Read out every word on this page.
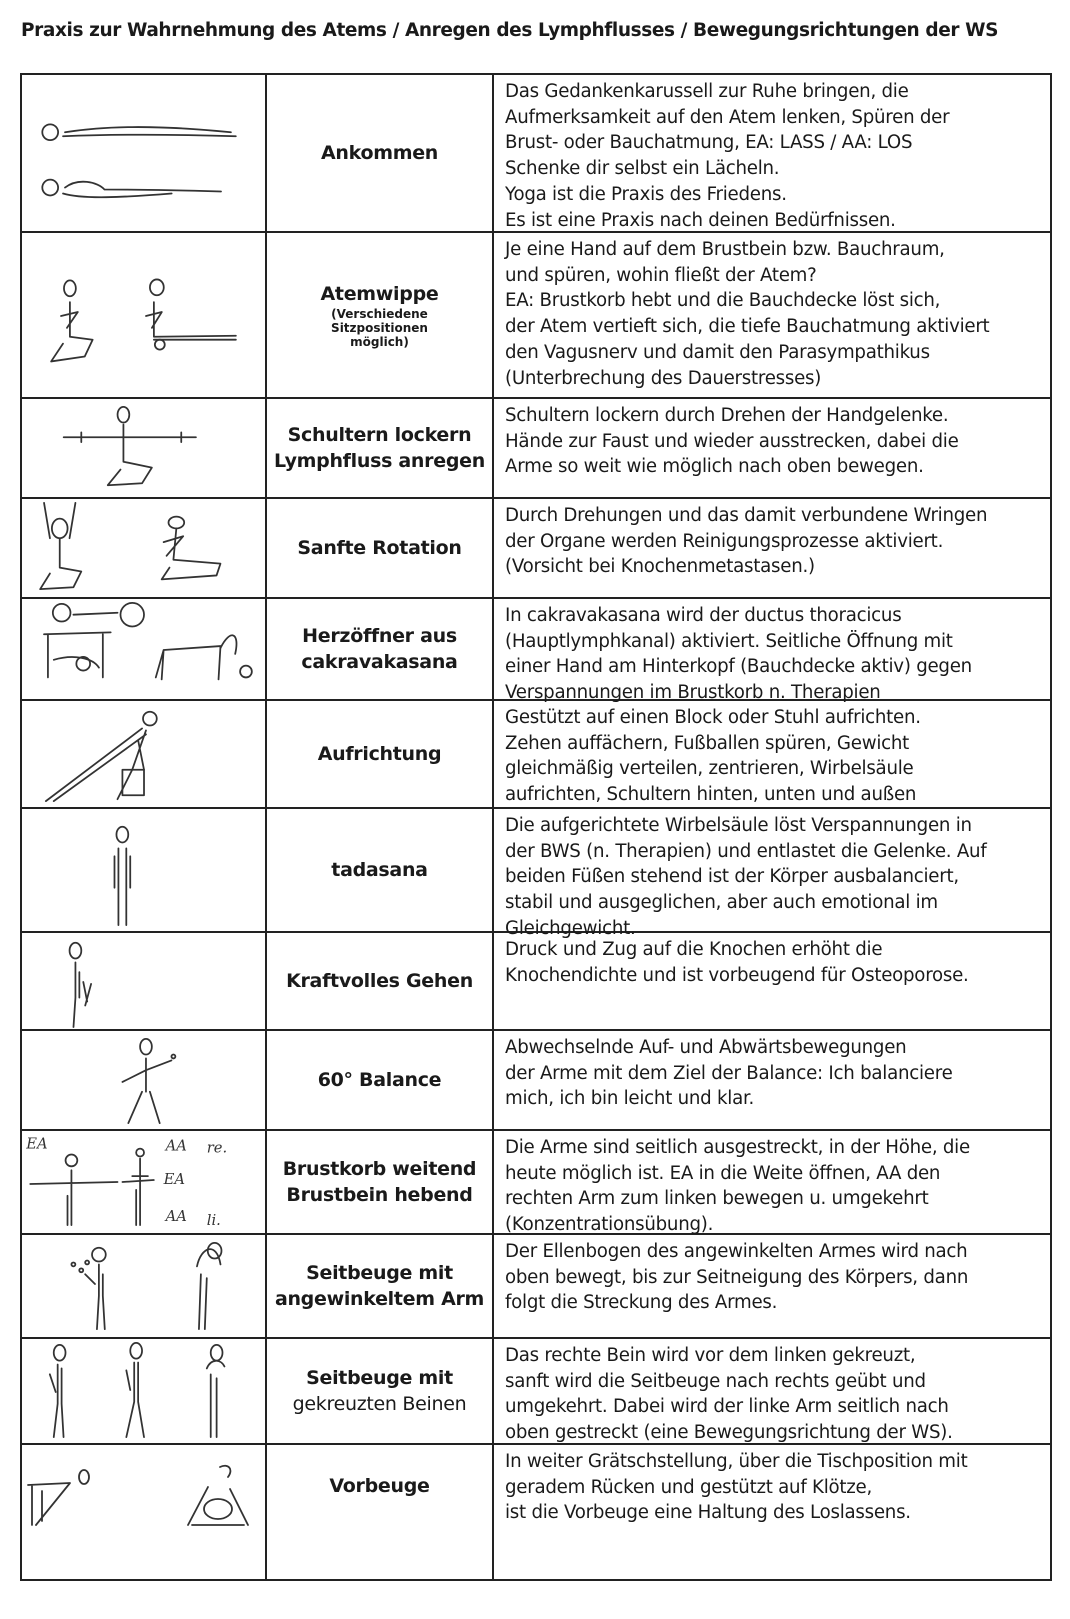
Praxis zur Wahrnehmung des Atems / Anregen des Lymphflusses / Bewegungsrichtungen der WS
Ankommen
Das Gedankenkarussell zur Ruhe bringen, die
Aufmerksamkeit auf den Atem lenken, Spüren der
Brust- oder Bauchatmung, EA: LASS / AA: LOS
Schenke dir selbst ein Lächeln.
Yoga ist die Praxis des Friedens.
Es ist eine Praxis nach deinen Bedürfnissen.
Atemwippe
(Verschiedene
Sitzpositionen
möglich)
Je eine Hand auf dem Brustbein bzw. Bauchraum,
und spüren, wohin fließt der Atem?
EA: Brustkorb hebt und die Bauchdecke löst sich,
der Atem vertieft sich, die tiefe Bauchatmung aktiviert
den Vagusnerv und damit den Parasympathikus
(Unterbrechung des Dauerstresses)
Schultern lockern
Lymphfluss anregen
Schultern lockern durch Drehen der Handgelenke.
Hände zur Faust und wieder ausstrecken, dabei die
Arme so weit wie möglich nach oben bewegen.
Sanfte Rotation
Durch Drehungen und das damit verbundene Wringen
der Organe werden Reinigungsprozesse aktiviert.
(Vorsicht bei Knochenmetastasen.)
Herzöffner aus
cakravakasana
In cakravakasana wird der ductus thoracicus
(Hauptlymphkanal) aktiviert. Seitliche Öffnung mit
einer Hand am Hinterkopf (Bauchdecke aktiv) gegen
Verspannungen im Brustkorb n. Therapien
Aufrichtung
Gestützt auf einen Block oder Stuhl aufrichten.
Zehen auffächern, Fußballen spüren, Gewicht
gleichmäßig verteilen, zentrieren, Wirbelsäule
aufrichten, Schultern hinten, unten und außen
tadasana
Die aufgerichtete Wirbelsäule löst Verspannungen in
der BWS (n. Therapien) und entlastet die Gelenke. Auf
beiden Füßen stehend ist der Körper ausbalanciert,
stabil und ausgeglichen, aber auch emotional im
Gleichgewicht.
Kraftvolles Gehen
Druck und Zug auf die Knochen erhöht die
Knochendichte und ist vorbeugend für Osteoporose.
60° Balance
Abwechselnde Auf- und Abwärtsbewegungen
der Arme mit dem Ziel der Balance: Ich balanciere
mich, ich bin leicht und klar.
EA	AA re.
EA
AA li.
Brustkorb weitend
Brustbein hebend
Die Arme sind seitlich ausgestreckt, in der Höhe, die
heute möglich ist. EA in die Weite öffnen, AA den
rechten Arm zum linken bewegen u. umgekehrt
(Konzentrationsübung).
Seitbeuge mit
angewinkeltem Arm
Der Ellenbogen des angewinkelten Armes wird nach
oben bewegt, bis zur Seitneigung des Körpers, dann
folgt die Streckung des Armes.
Seitbeuge mit
gekreuzten Beinen
Das rechte Bein wird vor dem linken gekreuzt,
sanft wird die Seitbeuge nach rechts geübt und
umgekehrt. Dabei wird der linke Arm seitlich nach
oben gestreckt (eine Bewegungsrichtung der WS).
Vorbeuge
In weiter Grätschstellung, über die Tischposition mit
geradem Rücken und gestützt auf Klötze,
ist die Vorbeuge eine Haltung des Loslassens.
